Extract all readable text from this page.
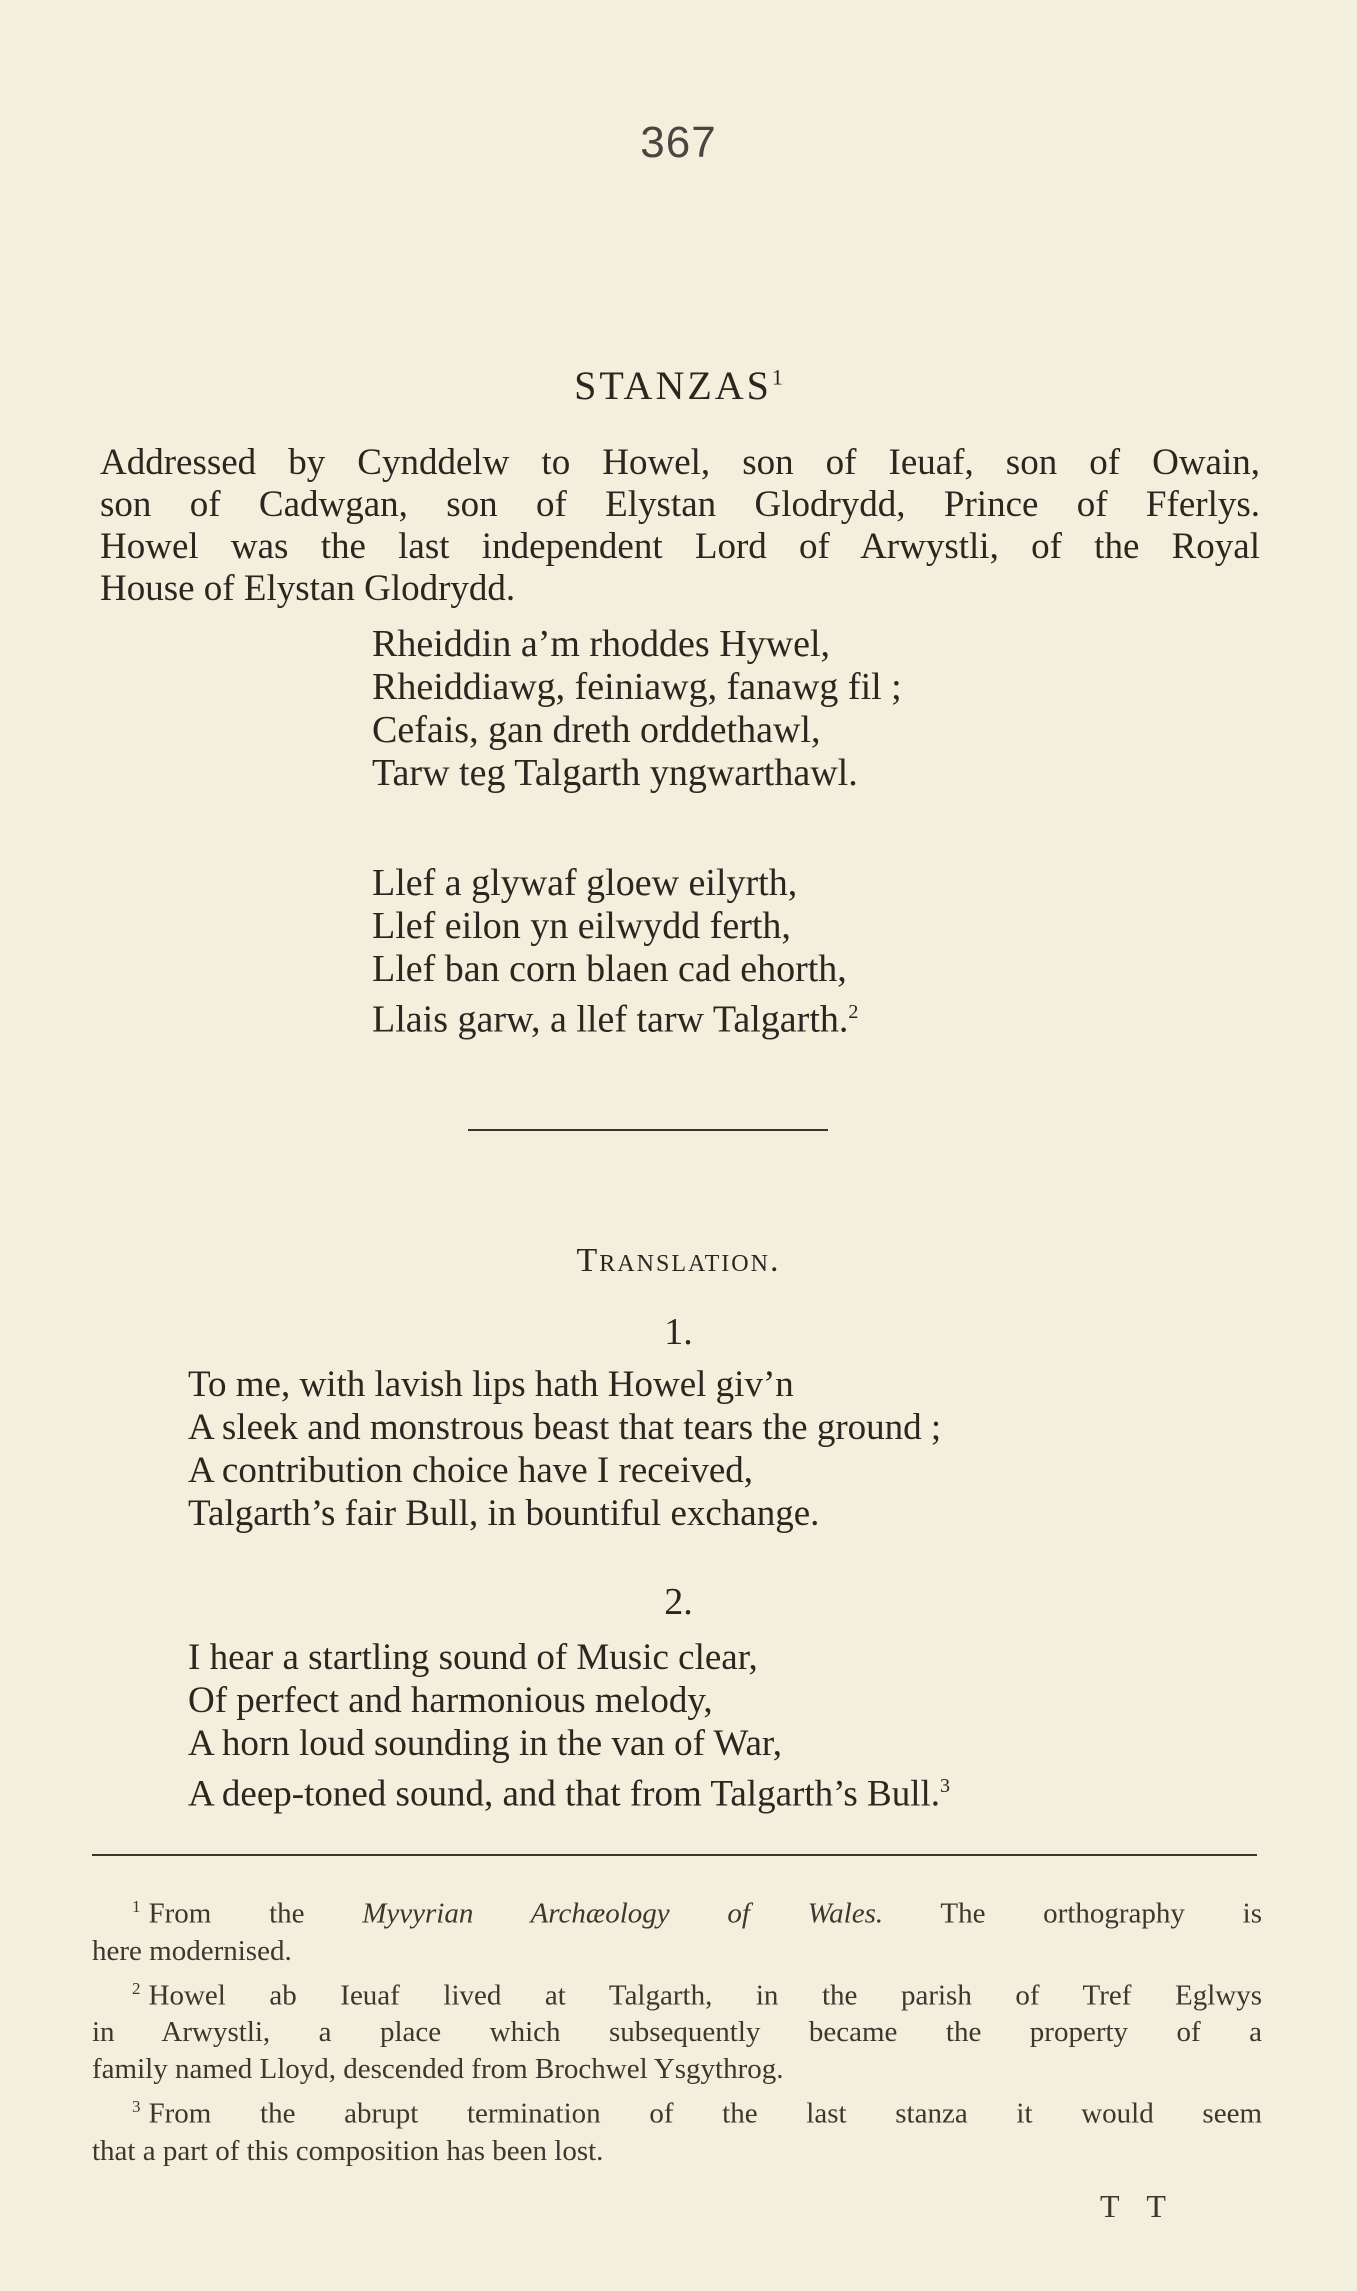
367
STANZAS$^1$
Addressed by Cynddelw to Howel, son of Ieuaf, son of Owain,
son of Cadwgan, son of Elystan Glodrydd, Prince of Fferlys.
Howel was the last independent Lord of Arwystli, of the Royal
House of Elystan Glodrydd.
Rheiddin a’m rhoddes Hywel,
Rheiddiawg, feiniawg, fanawg fil ;
Cefais, gan dreth orddethawl,
Tarw teg Talgarth yngwarthawl.
Llef a glywaf gloew eilyrth,
Llef eilon yn eilwydd ferth,
Llef ban corn blaen cad ehorth,
Llais garw, a llef tarw Talgarth.$^2$
Translation.
1.
To me, with lavish lips hath Howel giv’n
A sleek and monstrous beast that tears the ground ;
A contribution choice have I received,
Talgarth’s fair Bull, in bountiful exchange.
2.
I hear a startling sound of Music clear,
Of perfect and harmonious melody,
A horn loud sounding in the van of War,
A deep-toned sound, and that from Talgarth’s Bull.$^3$
$^1$ From the Myvyrian Archæology of Wales. The orthography is
here modernised.
$^2$ Howel ab Ieuaf lived at Talgarth, in the parish of Tref Eglwys
in Arwystli, a place which subsequently became the property of a
family named Lloyd, descended from Brochwel Ysgythrog.
$^3$ From the abrupt termination of the last stanza it would seem
that a part of this composition has been lost.
T T
